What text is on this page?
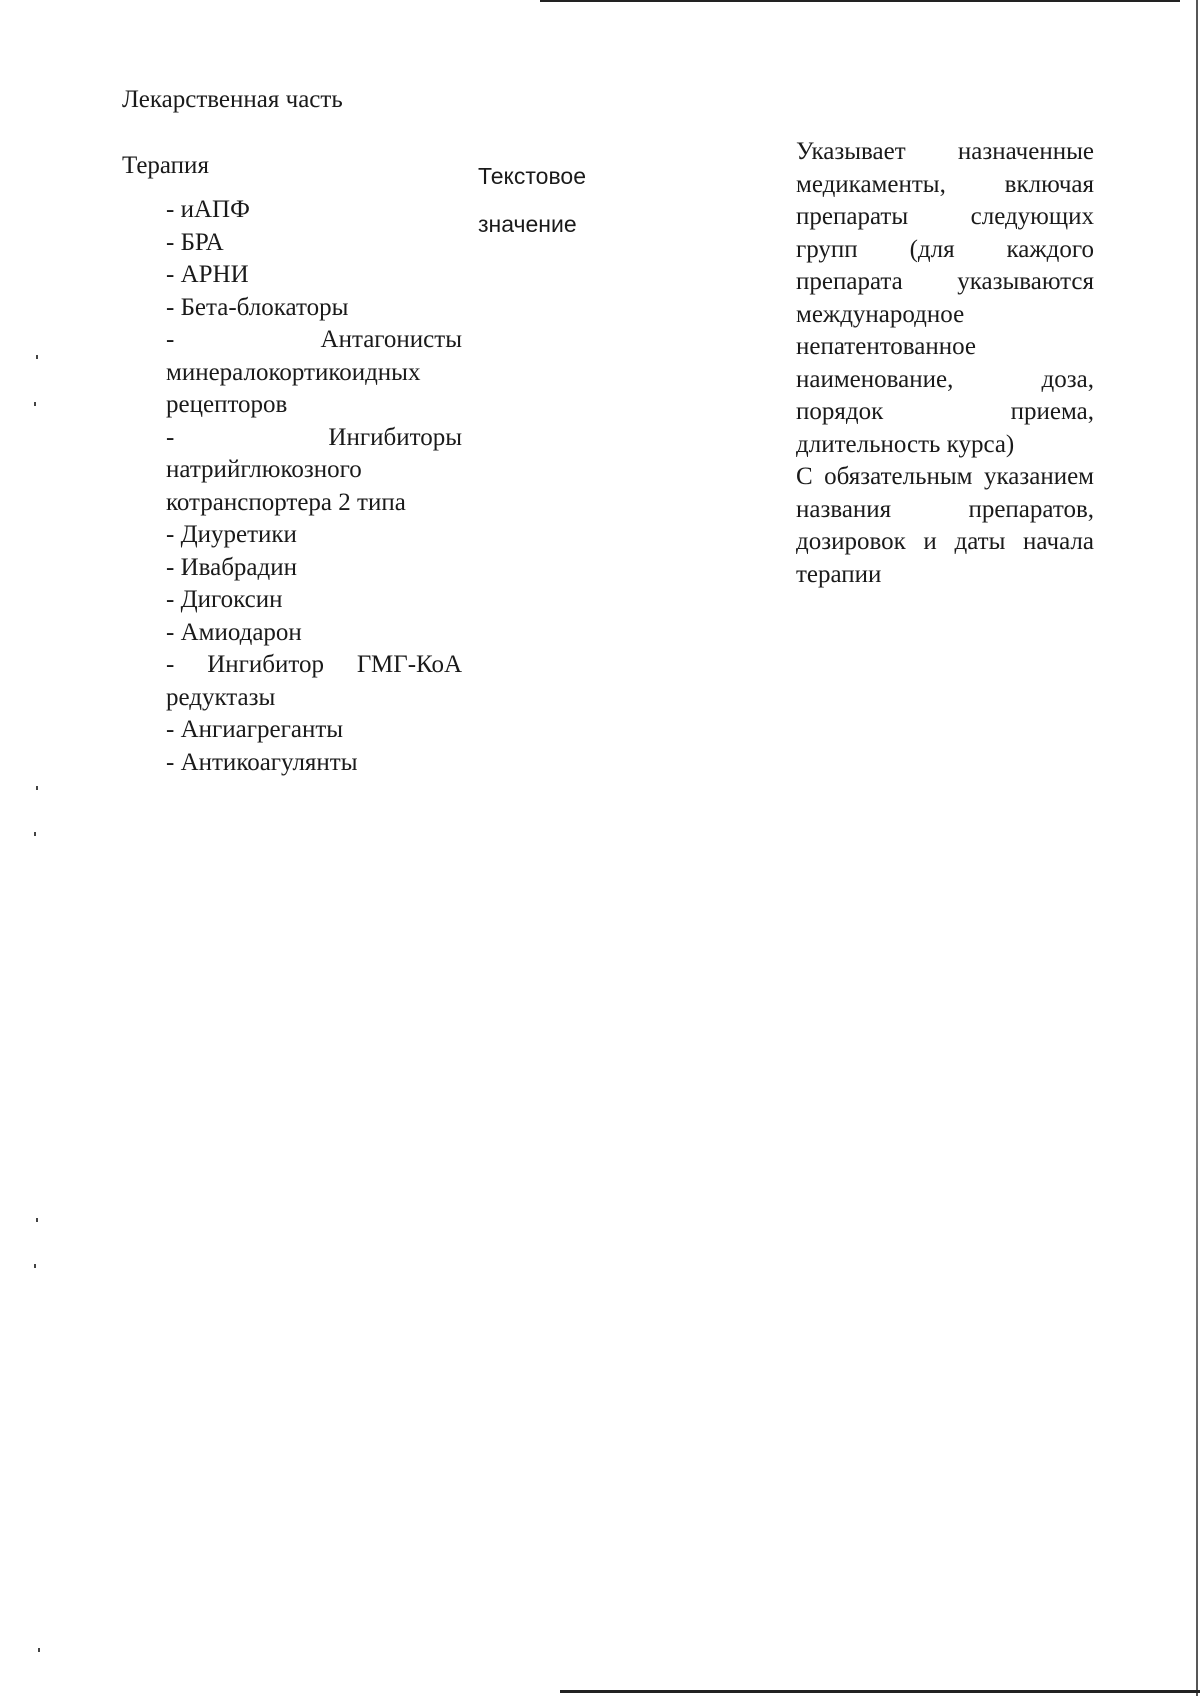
Лекарственная часть
Терапия
- иАПФ
- БРА
- АРНИ
- Бета-блокаторы
- Антагонисты минералокортикоидных рецепторов
- Ингибиторы натрийглюкозного котранспортера 2 типа
- Диуретики
- Ивабрадин
- Дигоксин
- Амиодарон
- Ингибитор ГМГ-КоА редуктазы
- Ангиагреганты
- Антикоагулянты
Текстовое
значение

Указывает назначенные медикаменты, включая препараты следующих групп (для каждого препарата указываются международное непатентованное наименование, доза, порядок приема, длительность курса)

С обязательным указанием названия препаратов, дозировок и даты начала терапии
